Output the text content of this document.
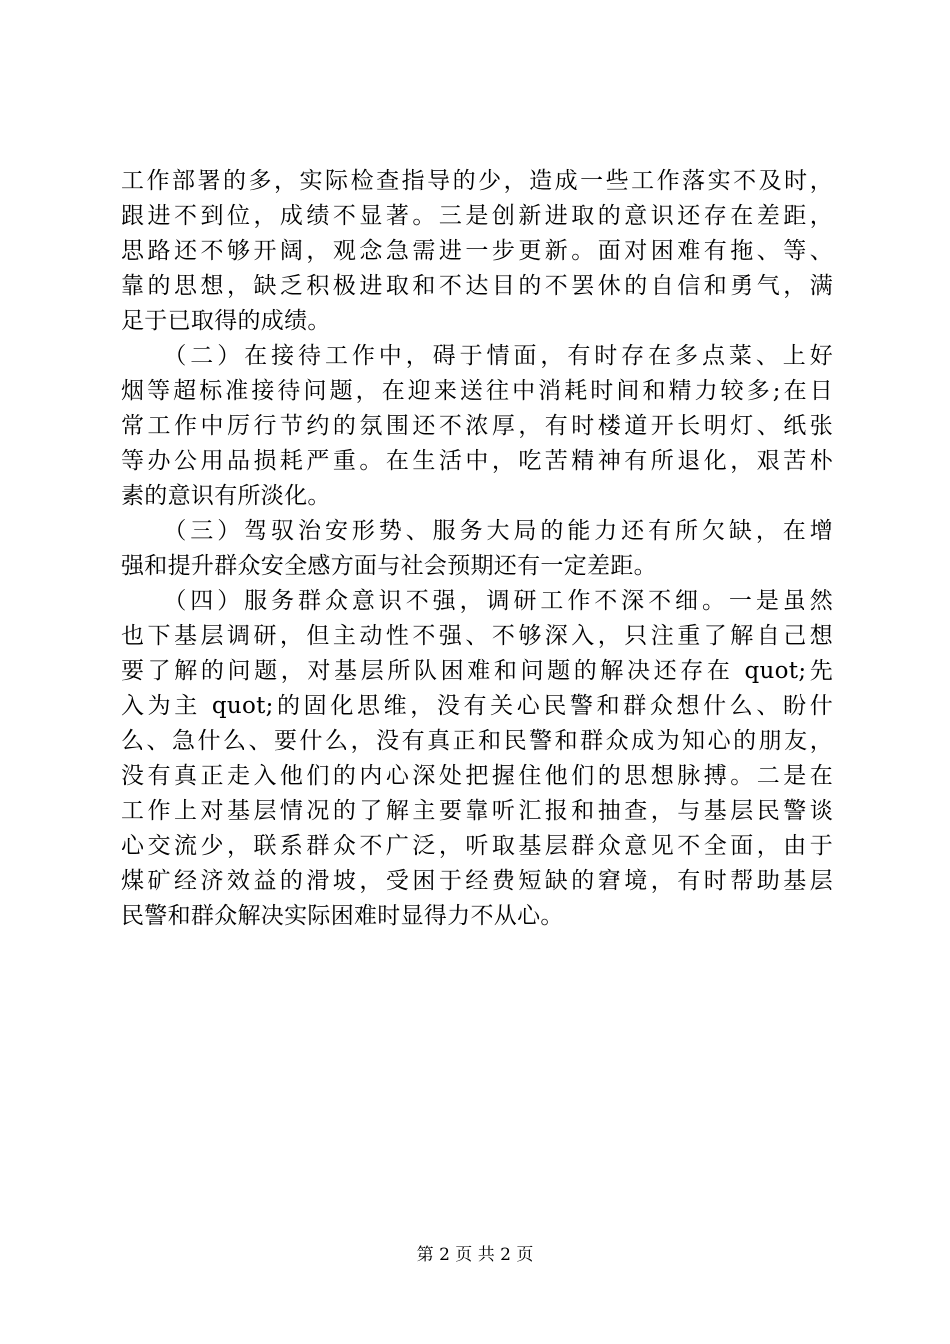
工作部署的多，实际检查指导的少，造成一些工作落实不及时，
跟进不到位，成绩不显著。三是创新进取的意识还存在差距，
思路还不够开阔，观念急需进一步更新。面对困难有拖、等、
靠的思想，缺乏积极进取和不达目的不罢休的自信和勇气，满
足于已取得的成绩。
　　（二）在接待工作中，碍于情面，有时存在多点菜、上好
烟等超标准接待问题，在迎来送往中消耗时间和精力较多;在日
常工作中厉行节约的氛围还不浓厚，有时楼道开长明灯、纸张
等办公用品损耗严重。在生活中，吃苦精神有所退化，艰苦朴
素的意识有所淡化。
　　（三）驾驭治安形势、服务大局的能力还有所欠缺，在增
强和提升群众安全感方面与社会预期还有一定差距。
　　（四）服务群众意识不强，调研工作不深不细。一是虽然
也下基层调研，但主动性不强、不够深入，只注重了解自己想
要了解的问题，对基层所队困难和问题的解决还存在 quot;先
入为主 quot;的固化思维，没有关心民警和群众想什么、盼什
么、急什么、要什么，没有真正和民警和群众成为知心的朋友，
没有真正走入他们的内心深处把握住他们的思想脉搏。二是在
工作上对基层情况的了解主要靠听汇报和抽查，与基层民警谈
心交流少，联系群众不广泛，听取基层群众意见不全面，由于
煤矿经济效益的滑坡，受困于经费短缺的窘境，有时帮助基层
民警和群众解决实际困难时显得力不从心。
第 2 页 共 2 页
